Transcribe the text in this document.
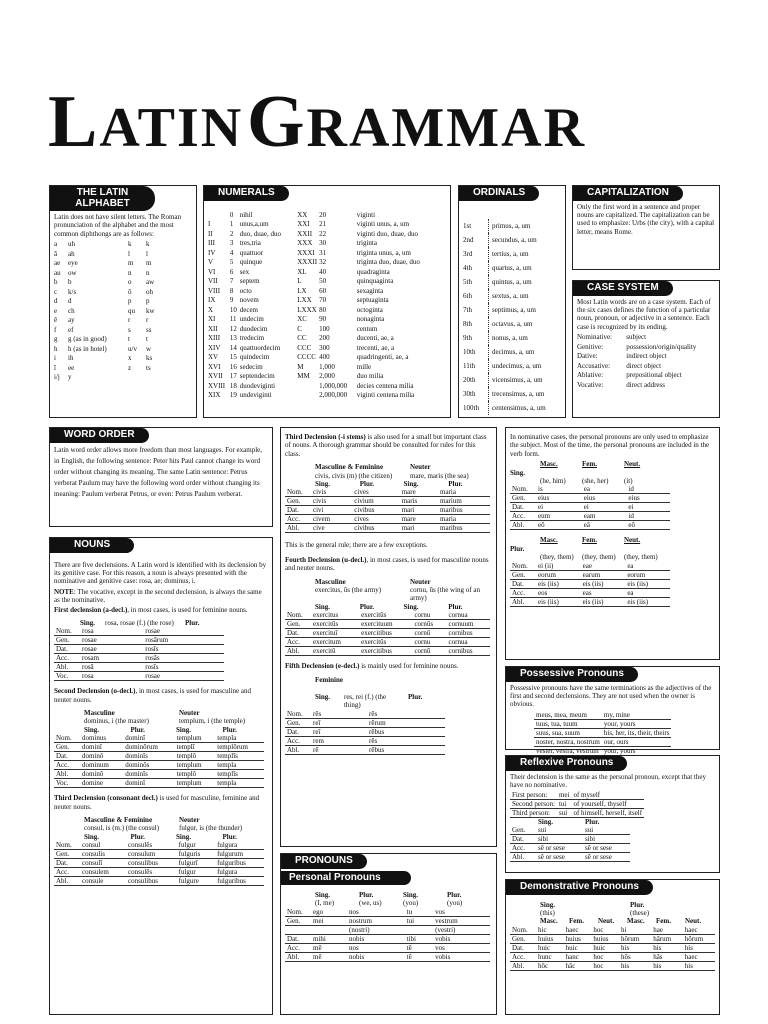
LATIN GRAMMAR
THE LATIN ALPHABET

Latin does not have silent letters. The Roman pronunciation of the alphabet and the most common diphthongs are as follows:

a	uh	k	k
ā	ah	l	l
ae	eye	m	m
au	ow	n	n
b	b	o	aw
c	k/s	ō	oh
d	d	p	p
e	ch	qu	kw
ē	ay	r	r
f	ef	s	ss
g	g (as in good)	t	t
h	h (as in hotel)	u/v	w
i	ih	x	ks
ī	ee	z	ts
i/j	y
NUMERALS
0 nihil	XX	20	viginti
I	1 unus,a,um	XXI	21	viginti unus, a, um
II	2 duo, duae, duo	XXII	22	viginti duo, duae, duo
III	3 tres,tria	XXX 30	triginta
IV	4 quattuor	XXXI 31	triginta unus, a, um
V	5 quinque	XXXII 32	triginta duo, duae, duo
VI	6 sex	XL	40	quadraginta
VII	7 septem	L	50	quinquaginta
VIII	8 octo	LX	60	sexaginta
IX	9 novem	LXX	70	septuaginta
X	10 decem	LXXX 80	octoginta
XI	11 undecim	XC	90	nonaginta
XII	12 duodecim	C	100	centum
XIII	13 tredecim	CC	200	ducenti, ae, a
XIV	14 quattuordecim	CCC	300	trecenti, ae, a
XV	15 quindecim	CCCC 400	quadringenti, ae, a
XVI	16 sedecim	M	1,000	mille
XVII	17 septendecim	MM	2,000	duo milia
XVIII 18 duodeviginti	1,000,000	decies centena milia
XIX	19 undeviginti	2,000,000	viginti centena milia
ORDINALS
1st	primus, a, um
2nd	secundus, a, um
3rd	tertius, a, um
4th	quartus, a, um
5th	quintus, a, um
6th	sextus, a, um
7th	septimus, a, um
8th	octavus, a, um
9th	nonus, a, um
10th	decimus, a, um
11th	undecimus, a, um
20th	vicensimus, a, um
30th	trecensimus, a, um
100th	centensimus, a, um
CAPITALIZATION

Only the first word in a sentence and proper nouns are capitalized. The capitalization can be used to emphasize: Urbs (the city), with a capital letter, means Rome.

CASE SYSTEM

Most Latin words are on a case system. Each of the six cases defines the function of a particular noun, pronoun, or adjective in a sentence. Each case is recognized by its ending.

Nominative:	subject
Genitive:	possession/origin/quality
Dative:	indirect object
Accusative:	direct object
Ablative:	prepositional object
Vocative:	direct address
WORD ORDER

Latin word order allows more freedom than most languages. For example, in English, the following sentence: Peter hits Paul cannot change its word order without changing its meaning. The same Latin sentence: Petrus verberat Paulum may have the following word order without changing its meaning: Paulum verberat Petrus, or even: Petrus Paulum verberat.

NOUNS

There are five declensions. A Latin word is identified with its declension by its genitive case. For this reason, a noun is always presented with the nominative and genitive case: rosa, ae; dominus, i.

NOTE: The vocative, except in the second declension, is always the same as the nominative.

First declension (a-decl.), in most cases, is used for feminine nouns.

Sing. rosa, rosae (f.) (the rose) Plur.
Nom.	rosa	rosae
Gen.	rosae	rosārum
Dat.	rosae	rosīs
Acc.	rosam	rosās
Abl.	rosā	rosīs
Voc.	rosa	rosae

Second Declension (o-decl.), in most cases, is used for masculine and neuter nouns.

Masculine	Neuter
dominus, i (the master)	templum, i (the temple)
Sing.	Plur.	Sing.	Plur.
Nom.	dominus	dominī	templum	templa
Gen.	dominī	dominōrum	templī	templōrum
Dat.	dominō	dominīs	templō	templīs
Acc.	dominum	dominōs	templum	templa
Abl.	dominō	dominīs	templō	templīs
Voc.	domine	dominī	templum	templa

Third Declension (consonant decl.) is used for masculine, feminine and neuter nouns.

Masculine & Feminine	Neuter
consul, is (m.) (the consul)	fulgur, is (the thunder)
Sing.	Plur.	Sing.	Plur.
Nom.	consul	consulēs	fulgur	fulgura
Gen.	consulis	consulum	fulguris	fulgurum
Dat.	consulī	consulibus	fulgurī	fulguribus
Acc.	consulem	consulēs	fulgur	fulgura
Abl.	consule	consulibus	fulgure	fulguribus

Third Declension (-i stems) is also used for a small but important class of nouns. A thorough grammar should be consulted for rules for this class.

Masculine & Feminine	Neuter
civis, civis (m) (the citizen)	mare, maris (the sea)
Sing.	Plur.	Sing.	Plur.
Nom.	civis	cives	mare	maria
Gen.	civis	civium	maris	marium
Dat.	civi	civibus	mari	maribus
Acc.	civem	cives	mare	maria
Abl.	cive	civibus	mari	maribus

This is the general rule; there are a few exceptions.

Fourth Declension (u-decl.), in most cases, is used for masculine nouns and neuter nouns.

Masculine	Neuter
exercitus, ūs (the army)	cornu, ūs (the wing of an army)
Sing.	Plur.	Sing.	Plur.
Nom.	exercitus	exercitūs	cornu	cornua
Gen.	exercitūs	exercituum	cornūs	cornuum
Dat.	exercituī	exercitibus	cornū	cornibus
Acc.	exercitum	exercitūs	cornu	cornua
Abl.	exercitū	exercitibus	cornū	cornibus

Fifth Declension (e-decl.) is mainly used for feminine nouns.

Feminine
Sing. res, rei (f.) (the thing)
Plur.
Nom.	rēs	rēs
Gen.	reī	rērum
Dat.	reī	rēbus
Acc.	rem	rēs
Abl.	rē	rēbus
PRONOUNS Personal Pronouns
Sing.	Plur.	Sing.	Plur.
(I, me)	(we, us)	(you)	(you)
Nom.	ego	nos	tu	vos
Gen.	mei	nostrum	tui	vestrum
		(nostri)		(vestri)
Dat.	mihi	nobis	tibi	vobis
Acc.	mē	nos	tē	vos
Abl.	mē	nobis	tē	vobis

In nominative cases, the personal pronouns are only used to emphasize the subject. Most of the time, the personal pronouns are included in the verb form.

Masc.	Fem.	Neut.
Sing.
(he, him)	(she, her)	(it)
Nom.	is	ea	id
Gen.	eius	eius	eius
Dat.	ei	ei	ei
Acc.	eum	eam	id
Abl.	eō	eā	eō
Masc.	Fem.	Neut.
Plur.
(they, them)	(they, them)	(they, them)
Nom.	ei (ii)	eae	ea
Gen.	eorum	earum	eorum
Dat.	eis (iis)	eis (iis)	eis (iis)
Acc.	eos	eas	ea
Abl.	eis (iis)	eis (iis)	eis (iis)
Possessive Pronouns

Possessive pronouns have the same terminations as the adjectives of the first and second declensions. They are not used when the owner is obvious.

meus, mea, meum	my, mine
tuus, tua, tuum	your, yours
suus, sua, suum	his, her, its, their, theirs
noster, nostra, nostrum	our, ours
vester, vestra, vestrum	your, yours
Reflexive Pronouns

Their declension is the same as the personal pronoun, except that they have no nominative.

First person:	mei	of myself
Second person:	tui	of yourself, thyself
Third person:	sui	of himself, herself, itself
	Sing.	Plur.
Gen.	sui	sui
Dat.	sibi	sibi
Acc.	sē or sese	sē or sese
Abl.	sē or sese	sē or sese
Demonstrative Pronouns
Sing.	Plur.
(this)	(these)
Masc.	Fem.	Neut.	Masc.	Fem.	Neut.
Nom.	hic	haec	hoc	hi	hae	haec
Gen.	huius	huius	huius	hōrum	hārum	hōrum
Dat.	huic	huic	huic	his	his	his
Acc.	hunc	hanc	hoc	hōs	hās	haec
Abl.	hōc	hāc	hoc	his	his	his
